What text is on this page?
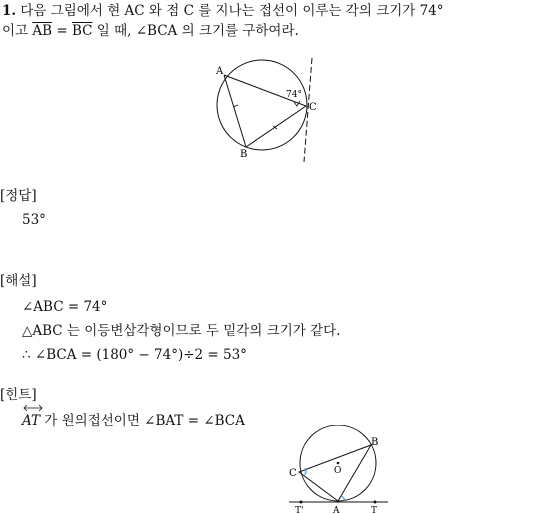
1. 다음 그림에서 현 AC 와 점 C 를 지나는 접선이 이루는 각의 크기가 74°
이고 $\overline{AB} = \overline{BC}$ 일 때, ∠BCA 의 크기를 구하여라.
A
B
C
74°
[정답]
53°
[해설]
∠ABC = 74°
△ABC 는 이등변삼각형이므로 두 밑각의 크기가 같다.
∴ ∠BCA = (180° − 74°)÷2 = 53°
[힌트]
AT 가 원의접선이면 ∠BAT = ∠BCA
B
C	O
T'	A	T
